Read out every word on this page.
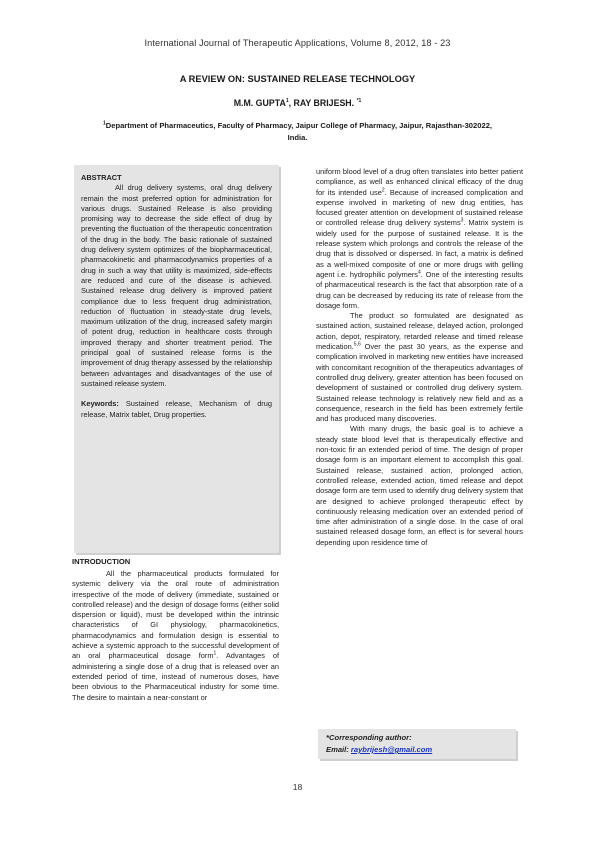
International Journal of Therapeutic Applications, Volume 8, 2012, 18 - 23
A REVIEW ON: SUSTAINED RELEASE TECHNOLOGY
M.M. GUPTA$^1$, RAY BRIJESH. $^{*1}$
$^1$Department of Pharmaceutics, Faculty of Pharmacy, Jaipur College of Pharmacy, Jaipur, Rajasthan-302022, India.
ABSTRACT
All drug delivery systems, oral drug delivery remain the most preferred option for administration for various drugs. Sustained Release is also providing promising way to decrease the side effect of drug by preventing the fluctuation of the therapeutic concentration of the drug in the body. The basic rationale of sustained drug delivery system optimizes of the biopharmaceutical, pharmacokinetic and pharmacodynamics properties of a drug in such a way that utility is maximized, side-effects are reduced and cure of the disease is achieved. Sustained release drug delivery is improved patient compliance due to less frequent drug administration, reduction of fluctuation in steady-state drug levels, maximum utilization of the drug, increased safety margin of potent drug, reduction in healthcare costs through improved therapy and shorter treatment period. The principal goal of sustained release forms is the improvement of drug therapy assessed by the relationship between advantages and disadvantages of the use of sustained release system.
Keywords: Sustained release, Mechanism of drug release, Matrix tablet, Drug properties.
INTRODUCTION
All the pharmaceutical products formulated for systemic delivery via the oral route of administration irrespective of the mode of delivery (immediate, sustained or controlled release) and the design of dosage forms (either solid dispersion or liquid), must be developed within the intrinsic characteristics of GI physiology, pharmacokinetics, pharmacodynamics and formulation design is essential to achieve a systemic approach to the successful development of an oral pharmaceutical dosage form$^1$. Advantages of administering a single dose of a drug that is released over an extended period of time, instead of numerous doses, have been obvious to the Pharmaceutical industry for some time. The desire to maintain a near-constant or

uniform blood level of a drug often translates into better patient compliance, as well as enhanced clinical efficacy of the drug for its intended use$^2$. Because of increased complication and expense involved in marketing of new drug entities, has focused greater attention on development of sustained release or controlled release drug delivery systems$^3$. Matrix system is widely used for the purpose of sustained release. It is the release system which prolongs and controls the release of the drug that is dissolved or dispersed. In fact, a matrix is defined as a well-mixed composite of one or more drugs with gelling agent i.e. hydrophilic polymers$^4$. One of the interesting results of pharmaceutical research is the fact that absorption rate of a drug can be decreased by reducing its rate of release from the dosage form.

The product so formulated are designated as sustained action, sustained release, delayed action, prolonged action, depot, respiratory, retarded release and timed release medication.$^{5,6}$ Over the past 30 years, as the expense and complication involved in marketing new entities have increased with concomitant recognition of the therapeutics advantages of controlled drug delivery, greater attention has been focused on development of sustained or controlled drug delivery system. Sustained release technology is relatively new field and as a consequence, research in the field has been extremely fertile and has produced many discoveries.

With many drugs, the basic goal is to achieve a steady state blood level that is therapeutically effective and non-toxic fir an extended period of time. The design of proper dosage form is an important element to accomplish this goal. Sustained release, sustained action, prolonged action, controlled release, extended action, timed release and depot dosage form are term used to identify drug delivery system that are designed to achieve prolonged therapeutic effect by continuously releasing medication over an extended period of time after administration of a single dose. In the case of oral sustained released dosage form, an effect is for several hours depending upon residence time of

*Corresponding author:
Email: raybrijesh@gmail.com
18
